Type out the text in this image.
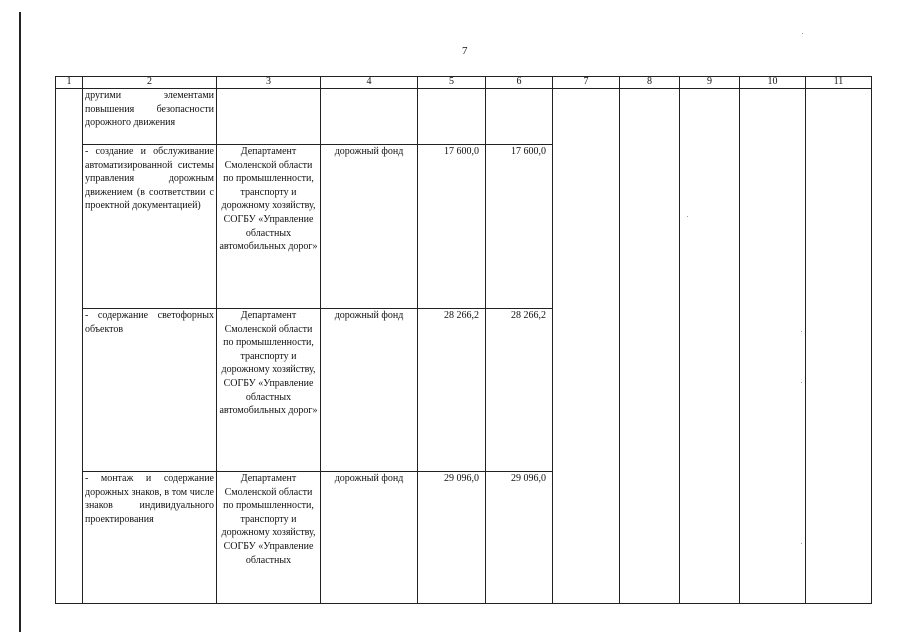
7
1	2	3	4	5	6	7	8	9	10	11
	другими элементами повышения безопасности дорожного движения									
	- создание и обслуживание автоматизированной системы управления дорожным движением (в соответствии с проектной документацией)	Департамент Смоленской области по промышленности, транспорту и дорожному хозяйству, СОГБУ «Управление областных автомобильных дорог»	дорожный фонд	17 600,0	17 600,0					
	- содержание светофорных объектов	Департамент Смоленской области по промышленности, транспорту и дорожному хозяйству, СОГБУ «Управление областных автомобильных дорог»	дорожный фонд	28 266,2	28 266,2					
	- монтаж и содержание дорожных знаков, в том числе знаков индивидуального проектирования	Департамент Смоленской области по промышленности, транспорту и дорожному хозяйству, СОГБУ «Управление областных	дорожный фонд	29 096,0	29 096,0					
